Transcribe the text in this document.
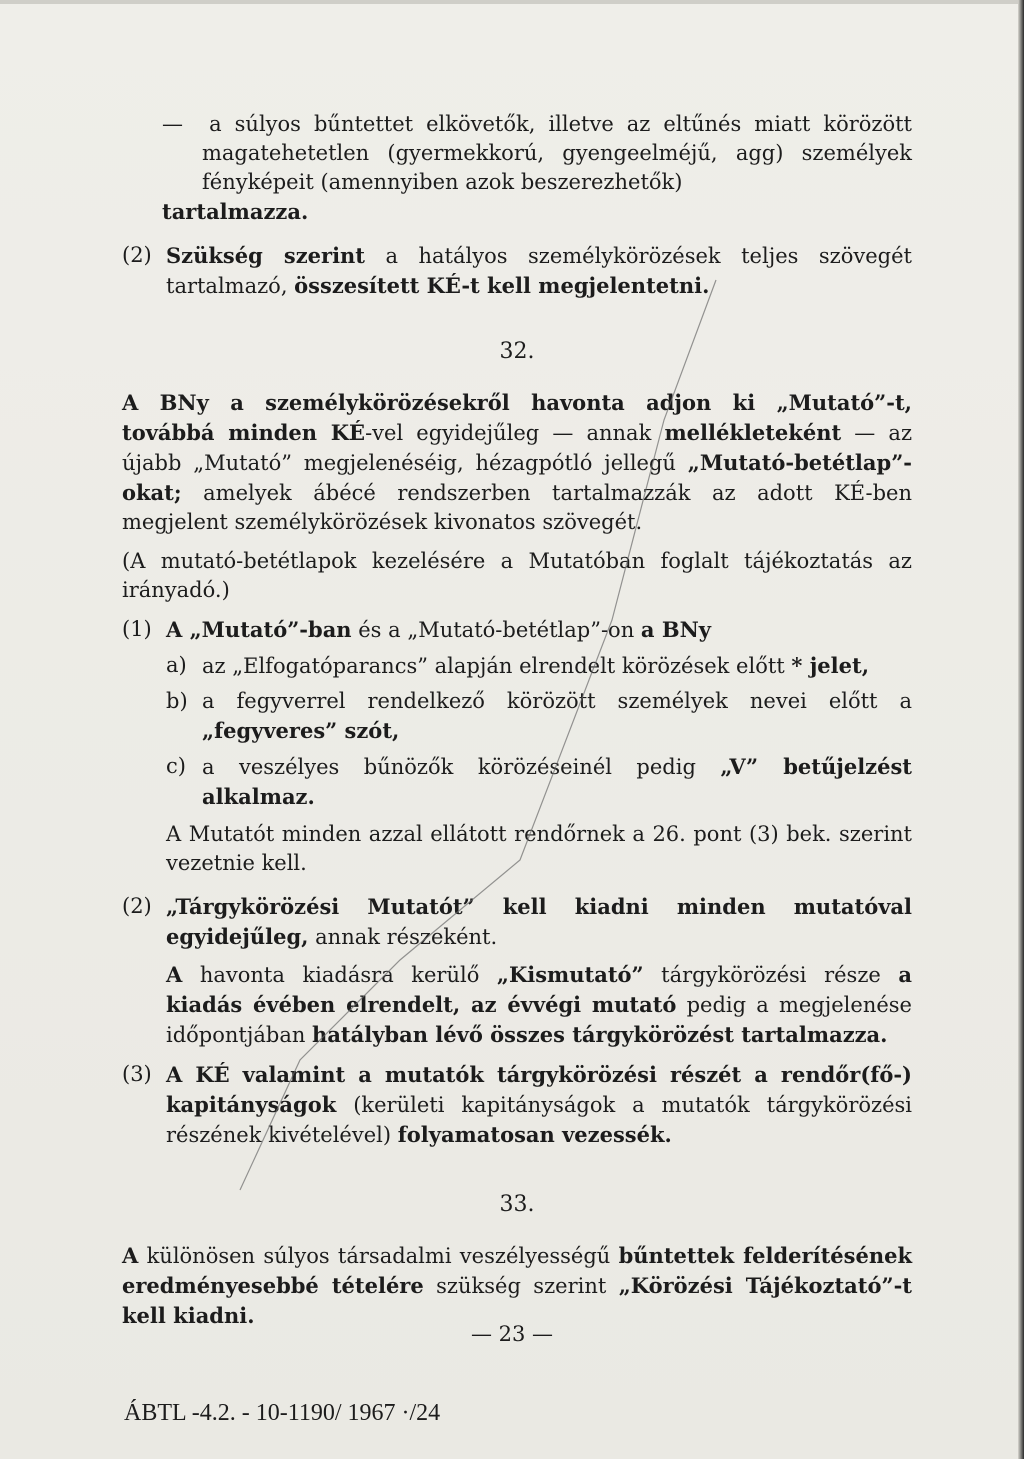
— a súlyos bűntettet elkövetők, illetve az eltűnés miatt körözött magatehetetlen (gyermekkorú, gyengeelméjű, agg) személyek fényképeit (amennyiben azok beszerezhetők)
tartalmazza.

(2) Szükség szerint a hatályos személykörözések teljes szövegét tartalmazó, összesített KÉ-t kell megjelentetni.

32.

A BNy a személykörözésekről havonta adjon ki „Mutató”-t, továbbá minden KÉ-vel egyidejűleg — annak mellékleteként — az újabb „Mutató” megjelenéséig, hézagpótló jellegű „Mutató-betétlap”-okat; amelyek ábécé rendszerben tartalmazzák az adott KÉ-ben megjelent személykörözések kivonatos szövegét.

(A mutató-betétlapok kezelésére a Mutatóban foglalt tájékoztatás az irányadó.)

(1) A „Mutató”-ban és a „Mutató-betétlap”-on a BNy

a) az „Elfogatóparancs” alapján elrendelt körözések előtt * jelet,

b) a fegyverrel rendelkező körözött személyek nevei előtt a „fegyveres” szót,

c) a veszélyes bűnözők körözéseinél pedig „V” betűjelzést alkalmaz.

A Mutatót minden azzal ellátott rendőrnek a 26. pont (3) bek. szerint vezetnie kell.

(2) „Tárgykörözési Mutatót” kell kiadni minden mutatóval egyidejűleg, annak részeként.

A havonta kiadásra kerülő „Kismutató” tárgykörözési része a kiadás évében elrendelt, az évvégi mutató pedig a megjelenése időpontjában hatályban lévő összes tárgykörözést tartalmazza.

(3) A KÉ valamint a mutatók tárgykörözési részét a rendőr(fő-) kapitányságok (kerületi kapitányságok a mutatók tárgykörözési részének kivételével) folyamatosan vezessék.

33.

A különösen súlyos társadalmi veszélyességű bűntettek felderítésének eredményesebbé tételére szükség szerint „Körözési Tájékoztató”-t kell kiadni.

— 23 —
ÁBTL -4.2. - 10-1190/ 1967 ·/24
